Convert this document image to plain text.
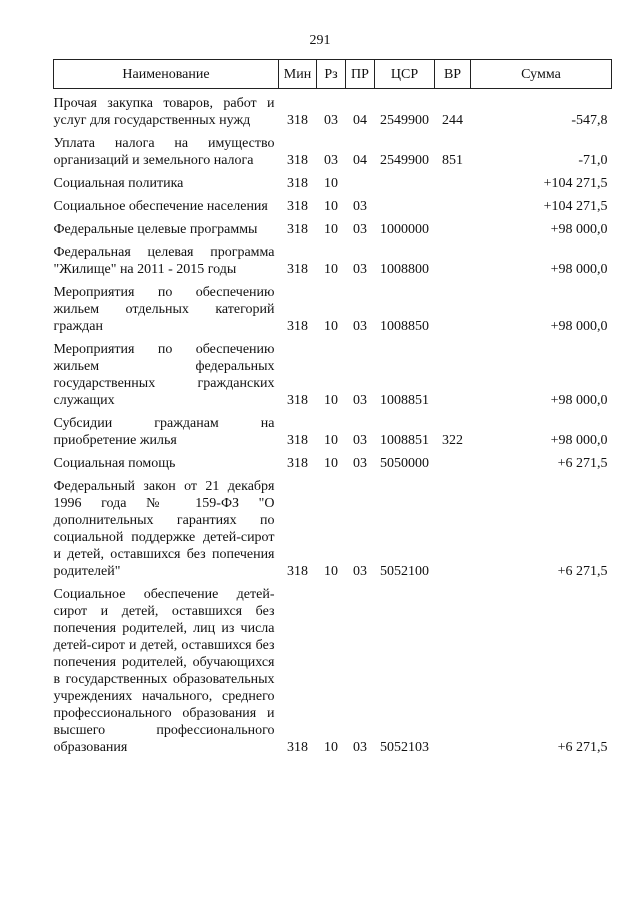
291
Наименование	Мин	Рз	ПР	ЦСР	ВР	Сумма
Прочая закупка товаров, работ и услуг для государственных нужд	318	03	04	2549900	244	-547,8
Уплата налога на имущество организаций и земельного налога	318	03	04	2549900	851	-71,0
Социальная политика	318	10				+104 271,5
Социальное обеспечение населения	318	10	03			+104 271,5
Федеральные целевые программы	318	10	03	1000000		+98 000,0
Федеральная целевая программа "Жилище" на 2011 - 2015 годы	318	10	03	1008800		+98 000,0
Мероприятия по обеспечению жильем отдельных категорий граждан	318	10	03	1008850		+98 000,0
Мероприятия по обеспечению жильем федеральных государственных гражданских служащих	318	10	03	1008851		+98 000,0
Субсидии гражданам на приобретение жилья	318	10	03	1008851	322	+98 000,0
Социальная помощь	318	10	03	5050000		+6 271,5
Федеральный закон от 21 декабря 1996 года № 159-ФЗ "О дополнительных гарантиях по социальной поддержке детей-сирот и детей, оставшихся без попечения родителей"	318	10	03	5052100		+6 271,5
Социальное обеспечение детей-сирот и детей, оставшихся без попечения родителей, лиц из числа детей-сирот и детей, оставшихся без попечения родителей, обучающихся в государственных образовательных учреждениях начального, среднего профессионального образования и высшего профессионального образования	318	10	03	5052103		+6 271,5
